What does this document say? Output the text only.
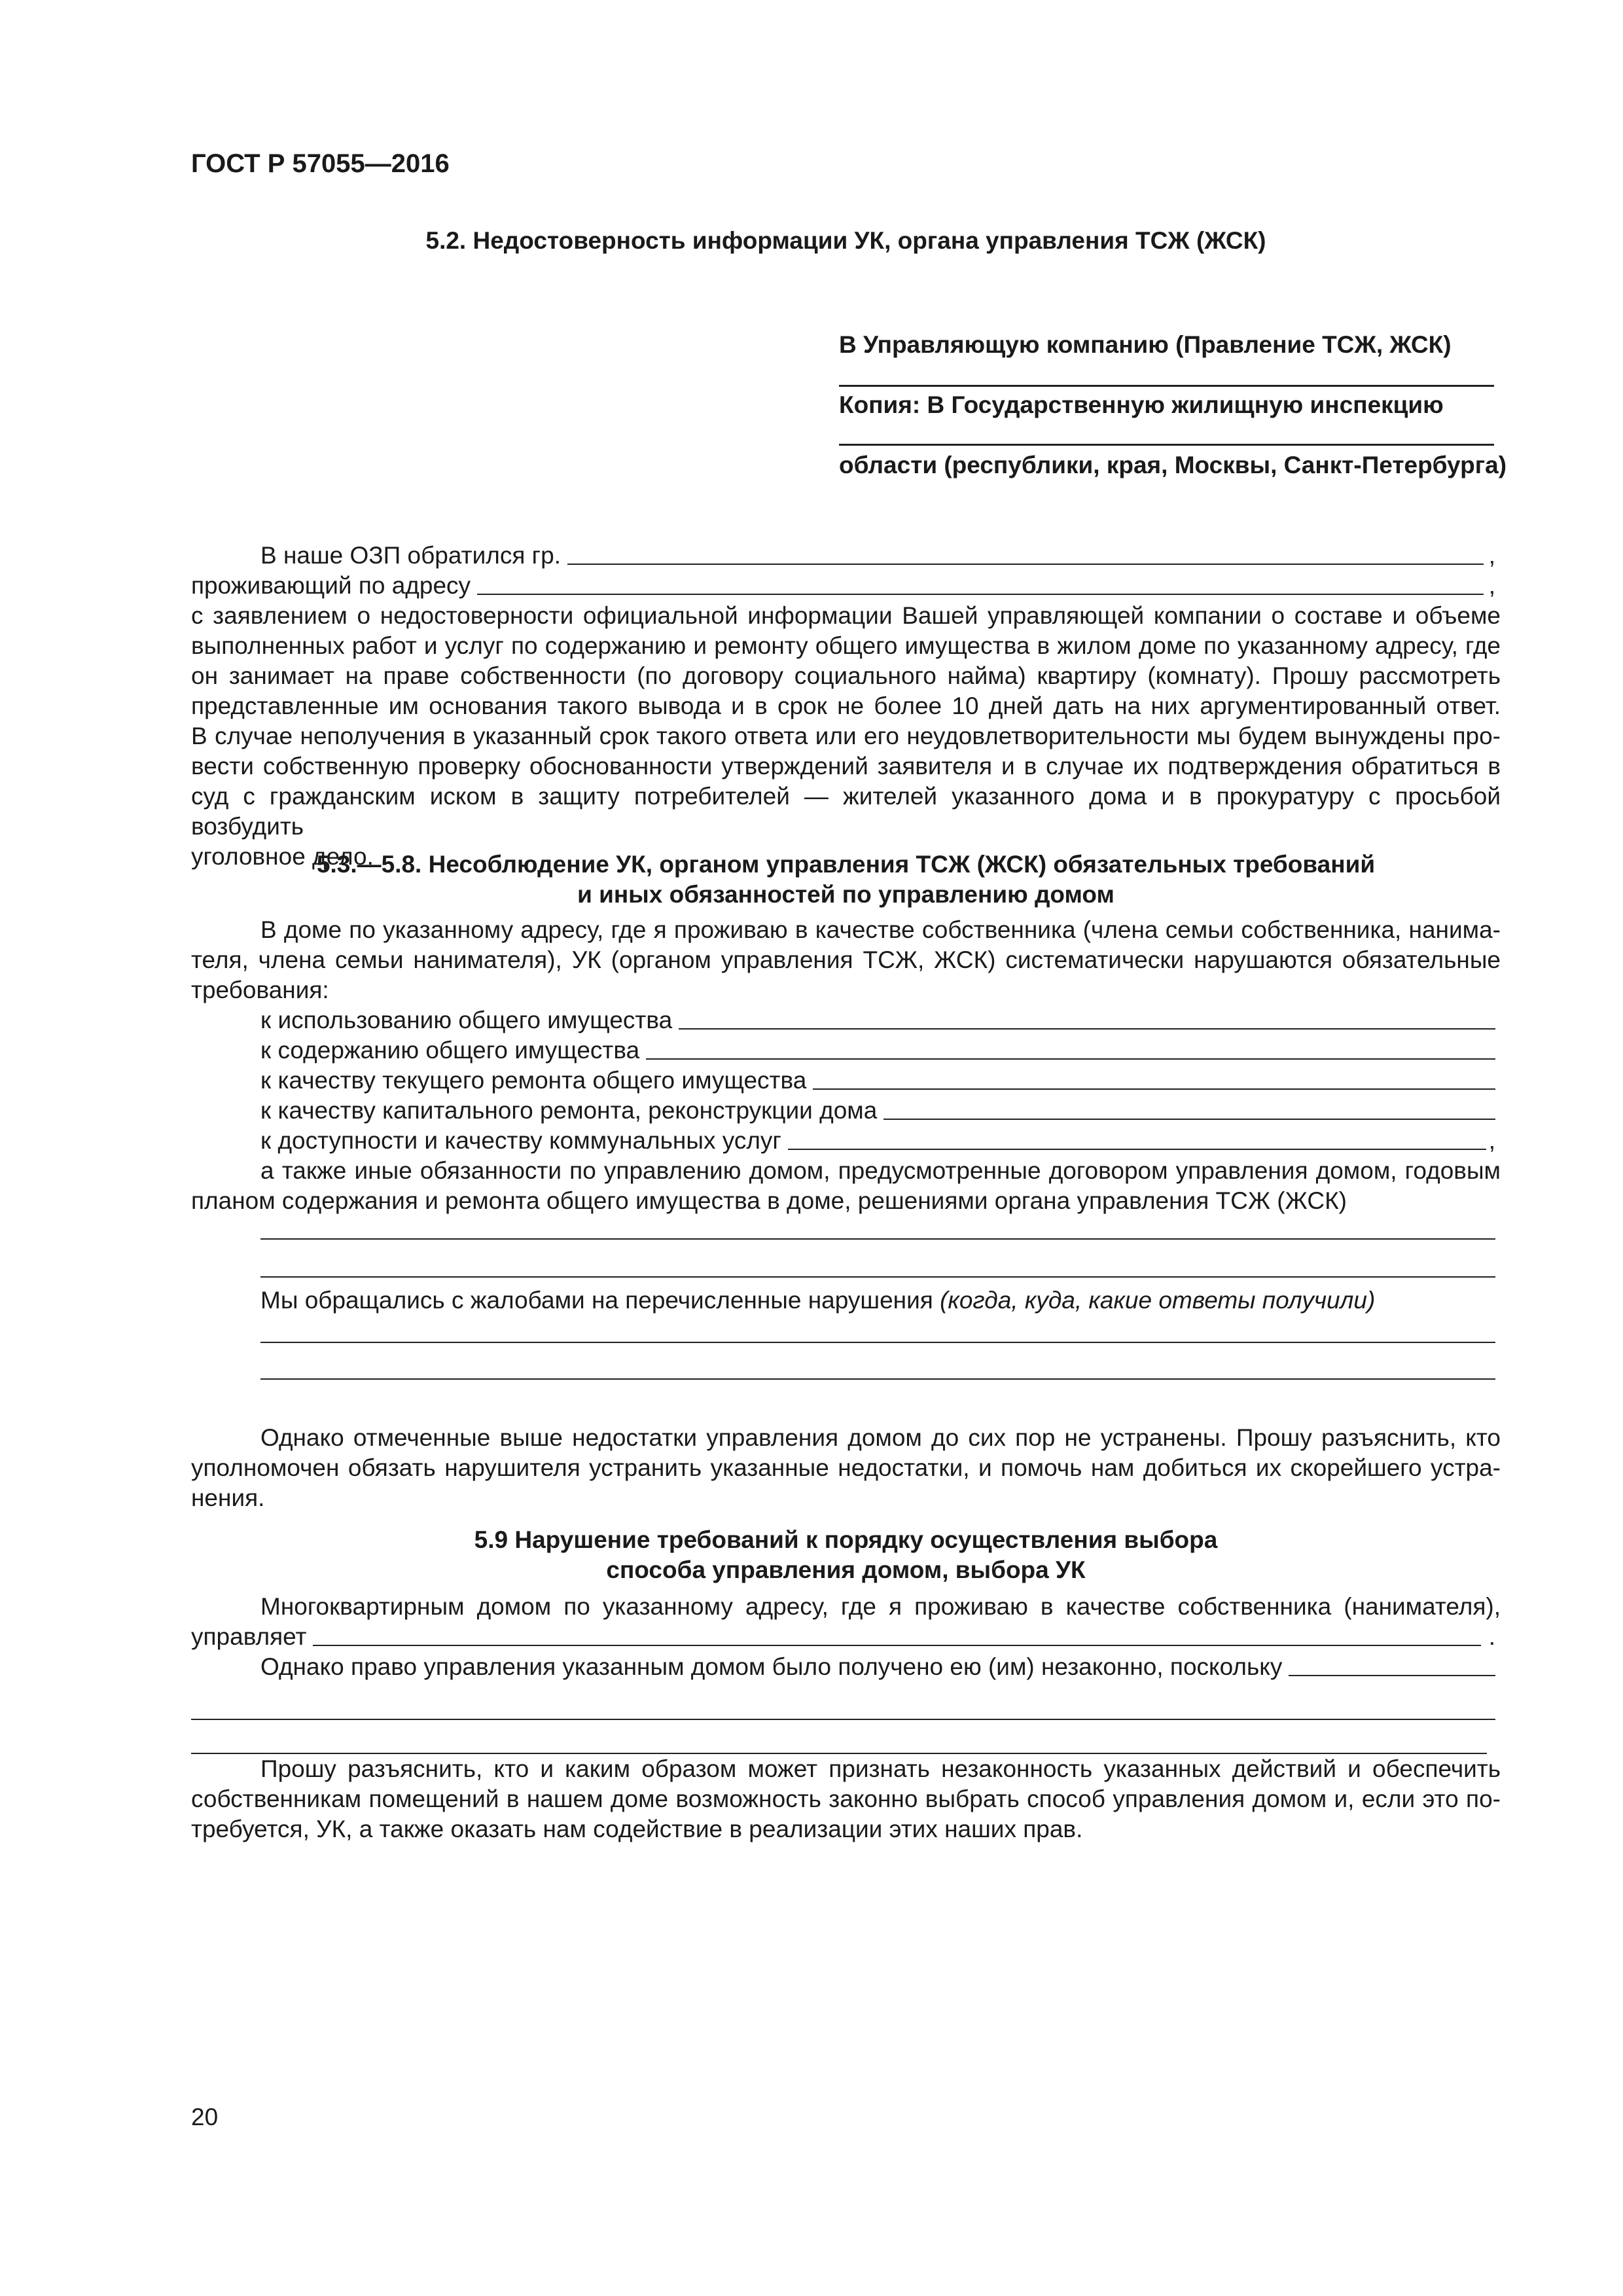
ГОСТ Р 57055—2016
5.2. Недостоверность информации УК, органа управления ТСЖ (ЖСК)
В Управляющую компанию (Правление ТСЖ, ЖСК)
Копия: В Государственную жилищную инспекцию
области (республики, края, Москвы, Санкт-Петербурга)
В наше ОЗП обратился гр.	,
проживающий по адресу	,
с заявлением о недостоверности официальной информации Вашей управляющей компании о составе и объеме
выполненных работ и услуг по содержанию и ремонту общего имущества в жилом доме по указанному адресу, где
он занимает на праве собственности (по договору социального найма) квартиру (комнату). Прошу рассмотреть
представленные им основания такого вывода и в срок не более 10 дней дать на них аргументированный ответ.
В случае неполучения в указанный срок такого ответа или его неудовлетворительности мы будем вынуждены про-
вести собственную проверку обоснованности утверждений заявителя и в случае их подтверждения обратиться в
суд с гражданским иском в защиту потребителей — жителей указанного дома и в прокуратуру с просьбой возбудить
уголовное дело.
5.3.—5.8. Несоблюдение УК, органом управления ТСЖ (ЖСК) обязательных требований
и иных обязанностей по управлению домом
В доме по указанному адресу, где я проживаю в качестве собственника (члена семьи собственника, нанима-
теля, члена семьи нанимателя), УК (органом управления ТСЖ, ЖСК) систематически нарушаются обязательные
требования:
к использованию общего имущества
к содержанию общего имущества
к качеству текущего ремонта общего имущества
к качеству капитального ремонта, реконструкции дома
к доступности и качеству коммунальных услуг	,
а также иные обязанности по управлению домом, предусмотренные договором управления домом, годовым
планом содержания и ремонта общего имущества в доме, решениями органа управления ТСЖ (ЖСК)
Мы обращались с жалобами на перечисленные нарушения (когда, куда, какие ответы получили)
Однако отмеченные выше недостатки управления домом до сих пор не устранены. Прошу разъяснить, кто
уполномочен обязать нарушителя устранить указанные недостатки, и помочь нам добиться их скорейшего устра-
нения.
5.9 Нарушение требований к порядку осуществления выбора
способа управления домом, выбора УК
Многоквартирным домом по указанному адресу, где я проживаю в качестве собственника (нанимателя),
управляет	.
Однако право управления указанным домом было получено ею (им) незаконно, поскольку
Прошу разъяснить, кто и каким образом может признать незаконность указанных действий и обеспечить
собственникам помещений в нашем доме возможность законно выбрать способ управления домом и, если это по-
требуется, УК, а также оказать нам содействие в реализации этих наших прав.
20
